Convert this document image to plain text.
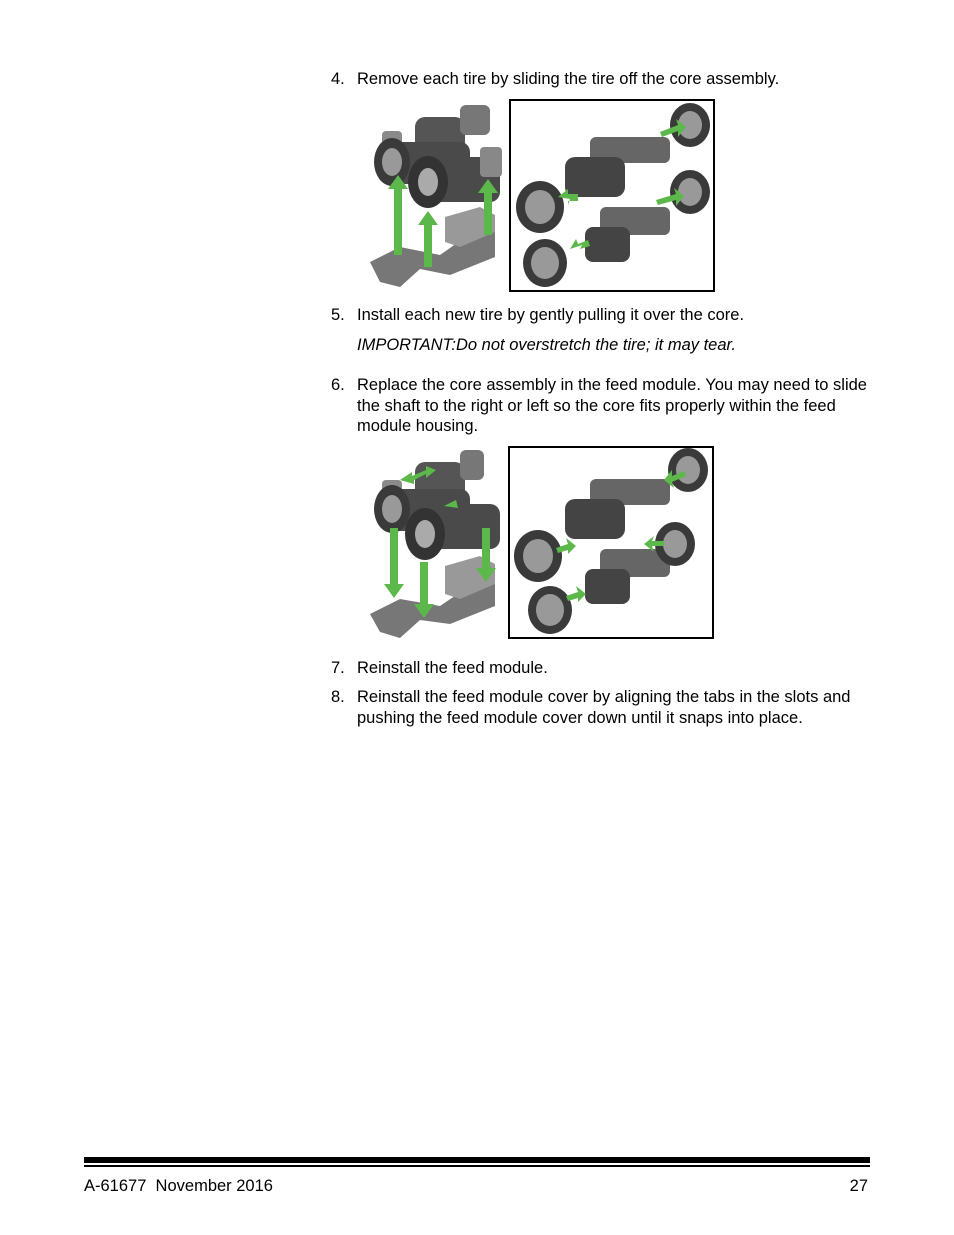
4. Remove each tire by sliding the tire off the core assembly.
5. Install each new tire by gently pulling it over the core.
IMPORTANT:Do not overstretch the tire; it may tear.
6. Replace the core assembly in the feed module. You may need to slide the shaft to the right or left so the core fits properly within the feed module housing.
7. Reinstall the feed module.
8. Reinstall the feed module cover by aligning the tabs in the slots and pushing the feed module cover down until it snaps into place.
A-61677  November 2016	27
